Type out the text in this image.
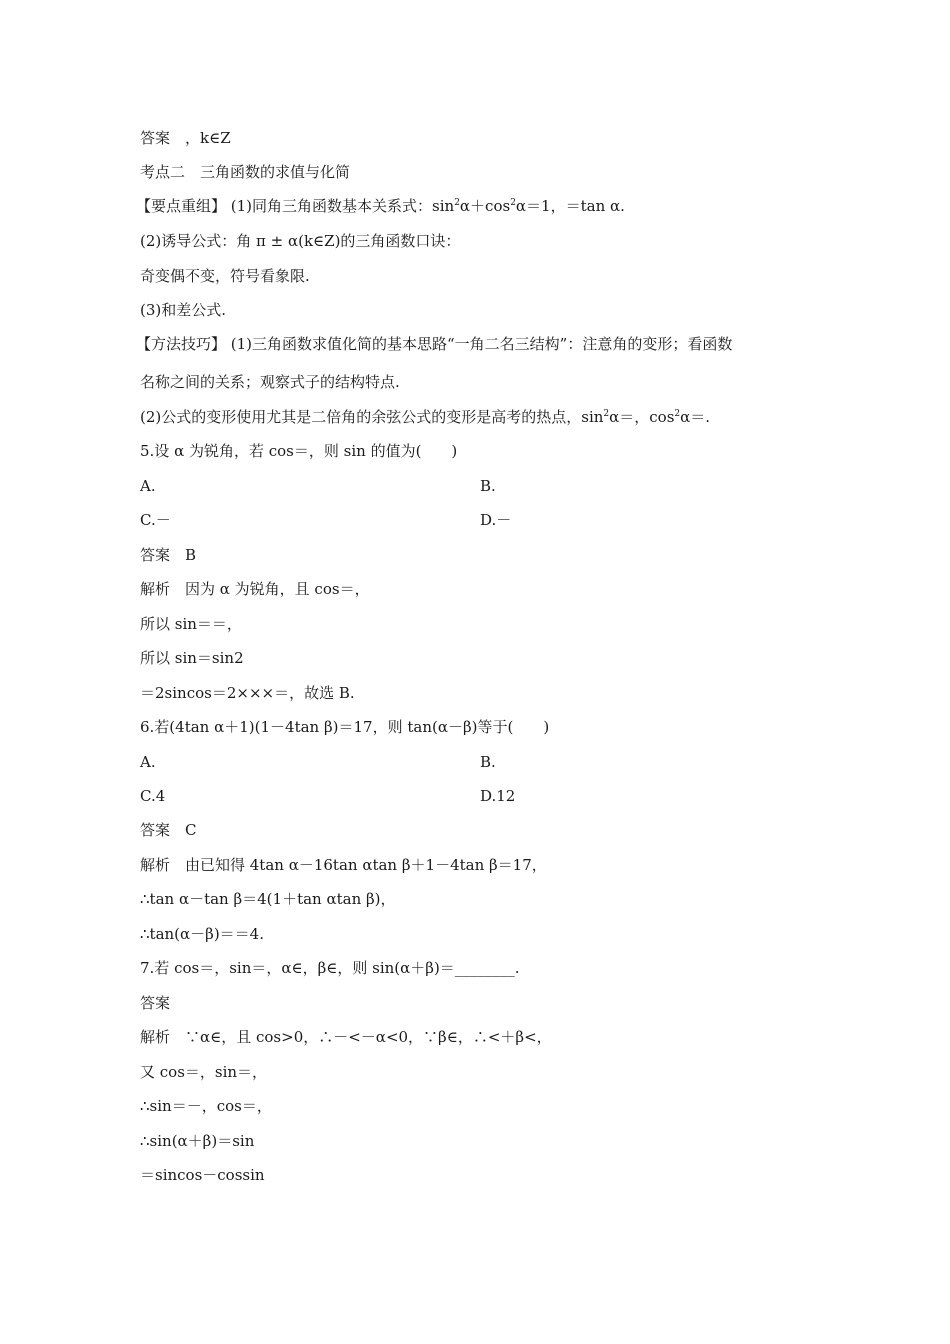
答案　，k∈Z
考点二　三角函数的求值与化简
【要点重组】 (1)同角三角函数基本关系式：$\sin^2\alpha+\cos^2\alpha=1$，＝tan α.
(2)诱导公式：角 π ± α(k∈Z)的三角函数口诀：
奇变偶不变，符号看象限.
(3)和差公式.
【方法技巧】 (1)三角函数求值化简的基本思路“一角二名三结构”：注意角的变形；看函数
名称之间的关系；观察式子的结构特点.
(2)公式的变形使用尤其是二倍角的余弦公式的变形是高考的热点，$\sin^2\alpha=$，$\cos^2\alpha=$.
5.设 α 为锐角，若 cos＝，则 sin 的值为(　　)
A.	B.
C.－	D.－
答案　B
解析　因为 α 为锐角，且 cos＝，
所以 sin＝＝，
所以 sin＝sin2
＝2sincos＝2×××＝，故选 B.
6.若(4tan α＋1)(1－4tan β)＝17，则 tan(α－β)等于(　　)
A.	B.
C.4	D.12
答案　C
解析　由已知得 4tan α－16tan αtan β＋1－4tan β＝17，
∴tan α－tan β＝4(1＋tan αtan β)，
∴tan(α－β)＝＝4.
7.若 cos＝，sin＝，α∈，β∈，则 sin(α＋β)＝________.
答案
解析　∵α∈，且 cos>0，∴－<－α<0，∵β∈，∴<＋β<，
又 cos＝，sin＝，
∴sin＝－，cos＝，
∴sin(α＋β)＝sin
＝sincos－cossin
